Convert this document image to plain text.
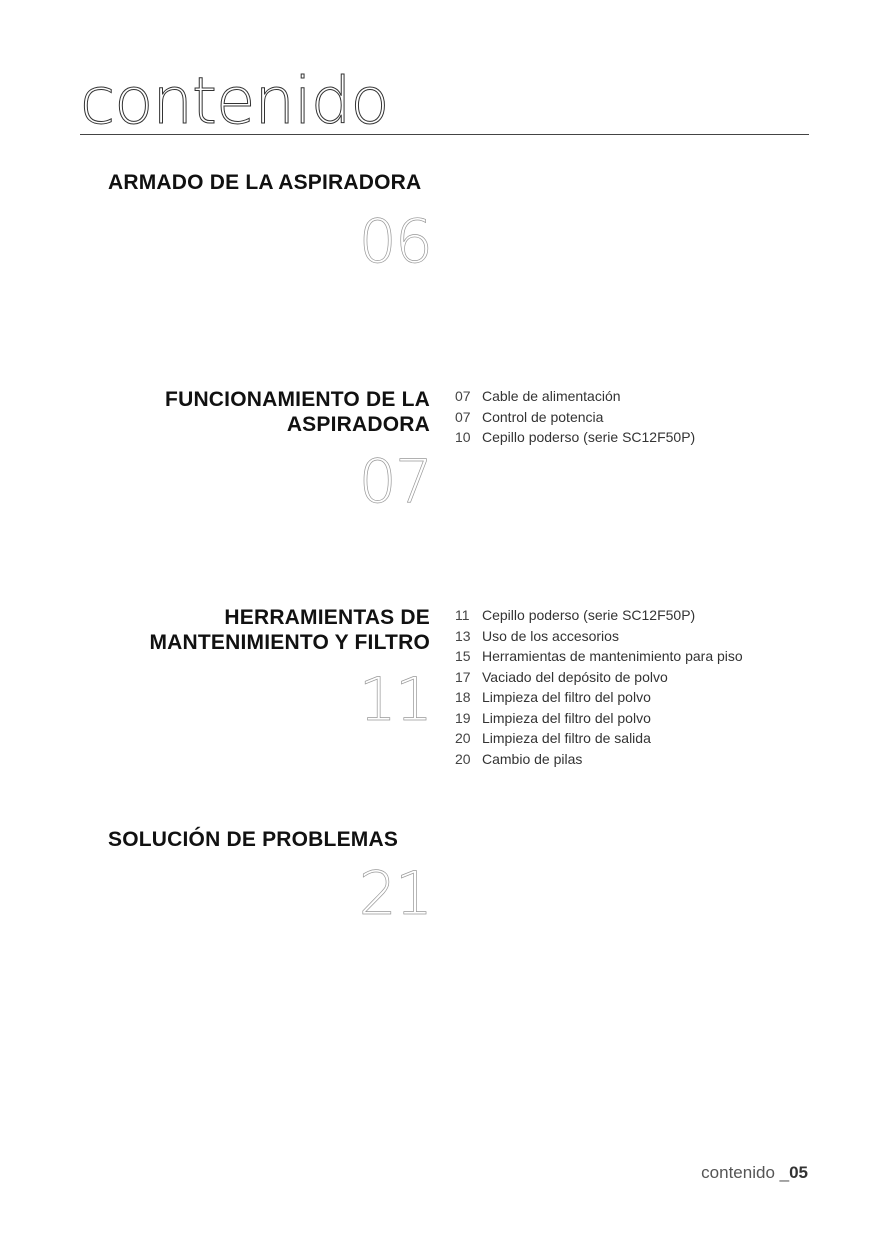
contenido
ARMADO DE LA ASPIRADORA
06
FUNCIONAMIENTO DE LA
ASPIRADORA
07
07 Cable de alimentación
07 Control de potencia
10 Cepillo poderso (serie SC12F50P)
HERRAMIENTAS DE
MANTENIMIENTO Y FILTRO
11
11 Cepillo poderso (serie SC12F50P)
13 Uso de los accesorios
15 Herramientas de mantenimiento para piso
17 Vaciado del depósito de polvo
18 Limpieza del filtro del polvo
19 Limpieza del filtro del polvo
20 Limpieza del filtro de salida
20 Cambio de pilas
SOLUCIÓN DE PROBLEMAS
21
contenido _05
